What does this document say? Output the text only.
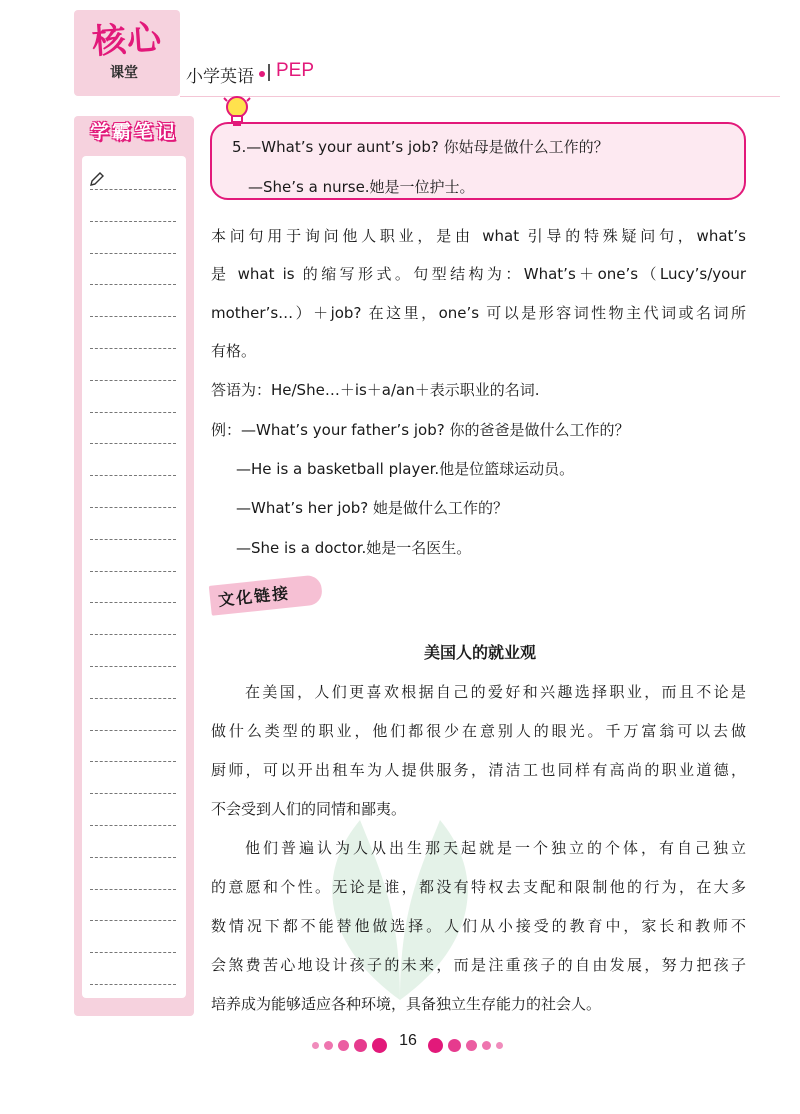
核心
课堂	小学英语 PEP
学霸笔记
5.—What’s your aunt’s job? 你姑母是做什么工作的？
—She’s a nurse.她是一位护士。
本问句用于询问他人职业，是由 what 引导的特殊疑问句，what’s
是 what is 的缩写形式。句型结构为：What’s＋one’s（Lucy’s/your
mother’s…）＋job? 在这里，one’s 可以是形容词性物主代词或名词所
有格。
答语为：He/She…＋is＋a/an＋表示职业的名词.
例：—What’s your father’s job? 你的爸爸是做什么工作的？
—He is a basketball player.他是位篮球运动员。
—What’s her job? 她是做什么工作的？
—She is a doctor.她是一名医生。
文化链接
美国人的就业观
在美国，人们更喜欢根据自己的爱好和兴趣选择职业，而且不论是
做什么类型的职业，他们都很少在意别人的眼光。千万富翁可以去做
厨师，可以开出租车为人提供服务，清洁工也同样有高尚的职业道德，
不会受到人们的同情和鄙夷。
他们普遍认为人从出生那天起就是一个独立的个体，有自己独立
的意愿和个性。无论是谁，都没有特权去支配和限制他的行为，在大多
数情况下都不能替他做选择。人们从小接受的教育中，家长和教师不
会煞费苦心地设计孩子的未来，而是注重孩子的自由发展，努力把孩子
培养成为能够适应各种环境，具备独立生存能力的社会人。
16
